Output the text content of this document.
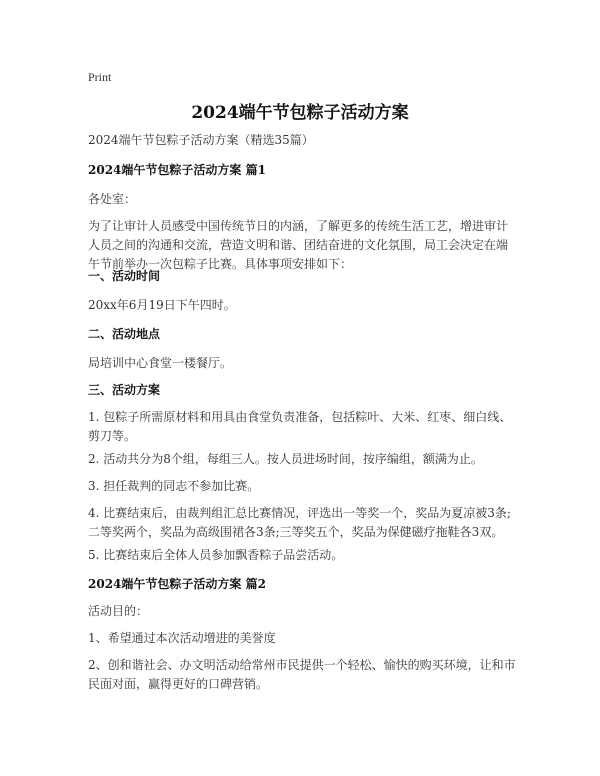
Print
2024端午节包粽子活动方案
2024端午节包粽子活动方案（精选35篇）
2024端午节包粽子活动方案 篇1
各处室：
为了让审计人员感受中国传统节日的内涵，了解更多的传统生活工艺，增进审计人员之间的沟通和交流，营造文明和谐、团结奋进的文化氛围，局工会决定在端午节前举办一次包粽子比赛。具体事项安排如下：
一、活动时间
20xx年6月19日下午四时。
二、活动地点
局培训中心食堂一楼餐厅。
三、活动方案
1. 包粽子所需原材料和用具由食堂负责准备，包括粽叶、大米、红枣、细白线、剪刀等。
2. 活动共分为8个组，每组三人。按人员进场时间，按序编组，额满为止。
3. 担任裁判的同志不参加比赛。
4. 比赛结束后，由裁判组汇总比赛情况，评选出一等奖一个，奖品为夏凉被3条;二等奖两个，奖品为高级围裙各3条;三等奖五个，奖品为保健磁疗拖鞋各3双。
5. 比赛结束后全体人员参加飘香粽子品尝活动。
2024端午节包粽子活动方案 篇2
活动目的：
1、希望通过本次活动增进的美誉度
2、创和谐社会、办文明活动给常州市民提供一个轻松、愉快的购买环境，让和市民面对面，赢得更好的口碑营销。
